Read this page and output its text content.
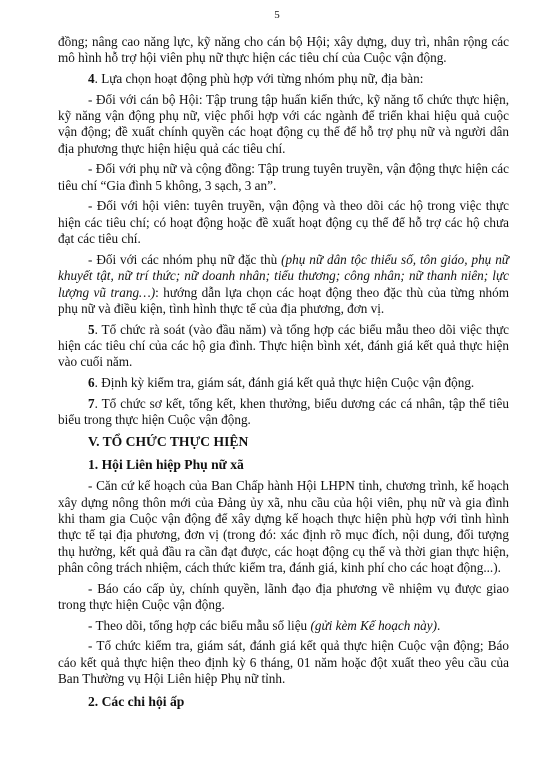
5

đồng; nâng cao năng lực, kỹ năng cho cán bộ Hội; xây dựng, duy trì, nhân rộng các mô hình hỗ trợ hội viên phụ nữ thực hiện các tiêu chí của Cuộc vận động.

4. Lựa chọn hoạt động phù hợp với từng nhóm phụ nữ, địa bàn:

- Đối với cán bộ Hội: Tập trung tập huấn kiến thức, kỹ năng tổ chức thực hiện, kỹ năng vận động phụ nữ, việc phối hợp với các ngành để triển khai hiệu quả cuộc vận động; đề xuất chính quyền các hoạt động cụ thể để hỗ trợ phụ nữ và người dân địa phương thực hiện hiệu quả các tiêu chí.

- Đối với phụ nữ và cộng đồng: Tập trung tuyên truyền, vận động thực hiện các tiêu chí “Gia đình 5 không, 3 sạch, 3 an”.

- Đối với hội viên: tuyên truyền, vận động và theo dõi các hộ trong việc thực hiện các tiêu chí; có hoạt động hoặc đề xuất hoạt động cụ thể để hỗ trợ các hộ chưa đạt các tiêu chí.

- Đối với các nhóm phụ nữ đặc thù (phụ nữ dân tộc thiểu số, tôn giáo, phụ nữ khuyết tật, nữ trí thức; nữ doanh nhân; tiểu thương; công nhân; nữ thanh niên; lực lượng vũ trang…): hướng dẫn lựa chọn các hoạt động theo đặc thù của từng nhóm phụ nữ và điều kiện, tình hình thực tế của địa phương, đơn vị.

5. Tổ chức rà soát (vào đầu năm) và tổng hợp các biểu mẫu theo dõi việc thực hiện các tiêu chí của các hộ gia đình. Thực hiện bình xét, đánh giá kết quả thực hiện vào cuối năm.

6. Định kỳ kiểm tra, giám sát, đánh giá kết quả thực hiện Cuộc vận động.

7. Tổ chức sơ kết, tổng kết, khen thưởng, biểu dương các cá nhân, tập thể tiêu biểu trong thực hiện Cuộc vận động.

V. TỔ CHỨC THỰC HIỆN

1. Hội Liên hiệp Phụ nữ xã

- Căn cứ kế hoạch của Ban Chấp hành Hội LHPN tỉnh, chương trình, kế hoạch xây dựng nông thôn mới của Đảng ủy xã, nhu cầu của hội viên, phụ nữ và gia đình khi tham gia Cuộc vận động để xây dựng kế hoạch thực hiện phù hợp với tình hình thực tế tại địa phương, đơn vị (trong đó: xác định rõ mục đích, nội dung, đối tượng thụ hưởng, kết quả đầu ra cần đạt được, các hoạt động cụ thể và thời gian thực hiện, phân công trách nhiệm, cách thức kiểm tra, đánh giá, kinh phí cho các hoạt động...).

- Báo cáo cấp ủy, chính quyền, lãnh đạo địa phương về nhiệm vụ được giao trong thực hiện Cuộc vận động.

- Theo dõi, tổng hợp các biểu mẫu số liệu (gửi kèm Kế hoạch này).

- Tổ chức kiểm tra, giám sát, đánh giá kết quả thực hiện Cuộc vận động; Báo cáo kết quả thực hiện theo định kỳ 6 tháng, 01 năm hoặc đột xuất theo yêu cầu của Ban Thường vụ Hội Liên hiệp Phụ nữ tỉnh.

2. Các chi hội ấp
